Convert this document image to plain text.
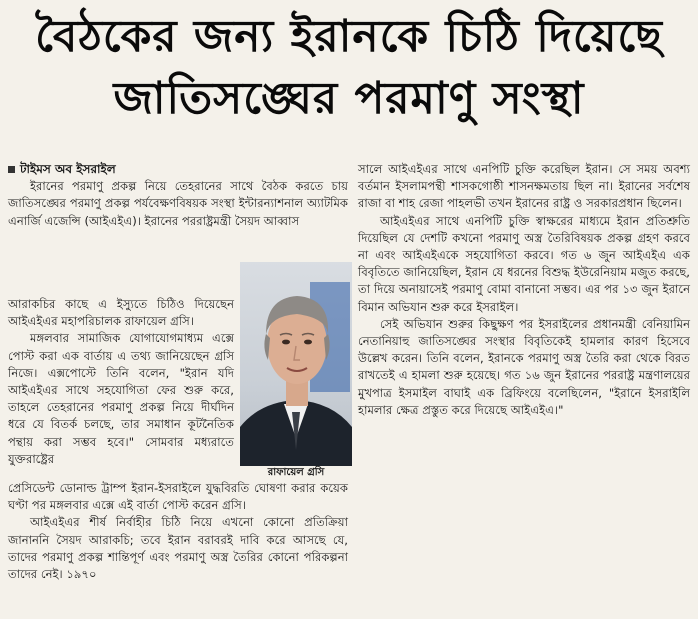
বৈঠকের জন্য ইরানকে চিঠি দিয়েছে
জাতিসঙ্ঘের পরমাণু সংস্থা

টাইমস অব ইসরাইল

ইরানের পরমাণু প্রকল্প নিয়ে তেহরানের সাথে বৈঠক করতে চায় জাতিসঙ্ঘের পরমাণু প্রকল্প পর্যবেক্ষণবিষয়ক সংস্থা ইন্টারন্যাশনাল অ্যাটমিক এনার্জি এজেন্সি (আইএইএ)। ইরানের পররাষ্ট্রমন্ত্রী সৈয়দ আব্বাস

আরাকচির কাছে এ ইস্যুতে চিঠিও দিয়েছেন আইএইএর মহাপরিচালক রাফায়েল গ্রসি।

মঙ্গলবার সামাজিক যোগাযোগমাধ্যম এক্সে পোস্ট করা এক বার্তায় এ তথ্য জানিয়েছেন গ্রসি নিজে। এক্সপোস্টে তিনি বলেন, "ইরান যদি আইএইএর সাথে সহযোগিতা ফের শুরু করে, তাহলে তেহরানের পরমাণু প্রকল্প নিয়ে দীর্ঘদিন ধরে যে বিতর্ক চলছে, তার সমাধান কূটনৈতিক পন্থায় করা সম্ভব হবে।" সোমবার মধ্যরাতে যুক্তরাষ্ট্রের

প্রেসিডেন্ট ডোনাল্ড ট্রাম্প ইরান-ইসরাইলে যুদ্ধবিরতি ঘোষণা করার কয়েক ঘণ্টা পর মঙ্গলবার এক্সে এই বার্তা পোস্ট করেন গ্রসি।

আইএইএর শীর্ষ নির্বাহীর চিঠি নিয়ে এখনো কোনো প্রতিক্রিয়া জানাননি সৈয়দ আরাকচি; তবে ইরান বরাবরই দাবি করে আসছে যে, তাদের পরমাণু প্রকল্প শান্তিপূর্ণ এবং পরমাণু অস্ত্র তৈরির কোনো পরিকল্পনা তাদের নেই। ১৯৭০

সালে আইএইএর সাথে এনপিটি চুক্তি করেছিল ইরান। সে সময় অবশ্য বর্তমান ইসলামপন্থী শাসকগোষ্ঠী শাসনক্ষমতায় ছিল না। ইরানের সর্বশেষ রাজা বা শাহ রেজা পাহলভী তখন ইরানের রাষ্ট্র ও সরকারপ্রধান ছিলেন।

আইএইএর সাথে এনপিটি চুক্তি স্বাক্ষরের মাধ্যমে ইরান প্রতিশ্রুতি দিয়েছিল যে দেশটি কখনো পরমাণু অস্ত্র তৈরিবিষয়ক প্রকল্প গ্রহণ করবে না এবং আইএইএকে সহযোগিতা করবে। গত ৬ জুন আইএইএ এক বিবৃতিতে জানিয়েছিল, ইরান যে ধরনের বিশুদ্ধ ইউরেনিয়াম মজুত করছে, তা দিয়ে অনায়াসেই পরমাণু বোমা বানানো সম্ভব। এর পর ১৩ জুন ইরানে বিমান অভিযান শুরু করে ইসরাইল।

সেই অভিযান শুরুর কিছুক্ষণ পর ইসরাইলের প্রধানমন্ত্রী বেনিয়ামিন নেতানিয়াহু জাতিসঙ্ঘের সংস্থার বিবৃতিকেই হামলার কারণ হিসেবে উল্লেখ করেন। তিনি বলেন, ইরানকে পরমাণু অস্ত্র তৈরি করা থেকে বিরত রাখতেই এ হামলা শুরু হয়েছে। গত ১৬ জুন ইরানের পররাষ্ট্র মন্ত্রণালয়ের মুখপাত্র ইসমাইল বাঘাই এক ব্রিফিংয়ে বলেছিলেন, "ইরানে ইসরাইলি হামলার ক্ষেত্র প্রস্তুত করে দিয়েছে আইএইএ।"

রাফায়েল গ্রসি
